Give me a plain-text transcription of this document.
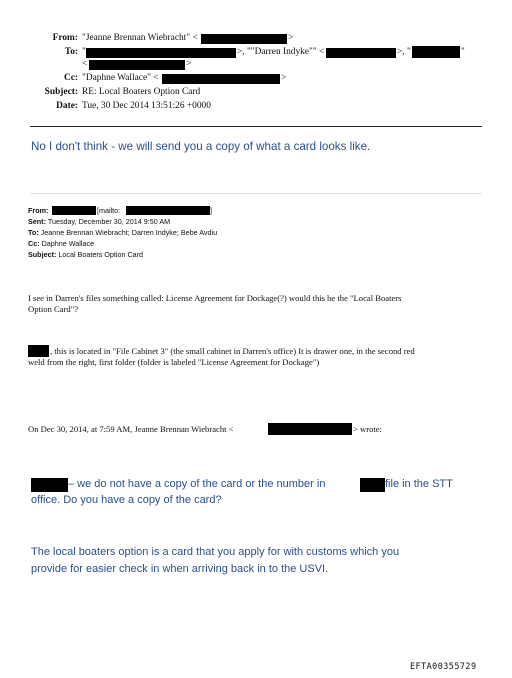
From: "Jeanne Brennan Wiebracht" <	>
To: "	>, ""Darren Indyke"" <	>, "	"
<	>
Cc: "Daphne Wallace" <	>
Subject: RE: Local Boaters Option Card
Date: Tue, 30 Dec 2014 13:51:26 +0000
No I don't think - we will send you a copy of what a card looks like.
From:	[mailto:	]
Sent: Tuesday, December 30, 2014 9:50 AM
To: Jeanne Brennan Wiebracht; Darren Indyke; Bebe Avdiu
Cc: Daphne Wallace
Subject: Local Boaters Option Card
I see in Darren's files something called: License Agreement for Dockage(?) would this be the "Local Boaters
Option Card"?
, this is located in "File Cabinet 3" (the small cabinet in Darren's office) It is drawer one, in the second red
weld from the right, first folder (folder is labeled "License Agreement for Dockage")
On Dec 30, 2014, at 7:59 AM, Jeanne Brennan Wiebracht <	> wrote:
– we do not have a copy of the card or the number in	file in the STT
office. Do you have a copy of the card?
The local boaters option is a card that you apply for with customs which you
provide for easier check in when arriving back in to the USVI.
EFTA00355729
